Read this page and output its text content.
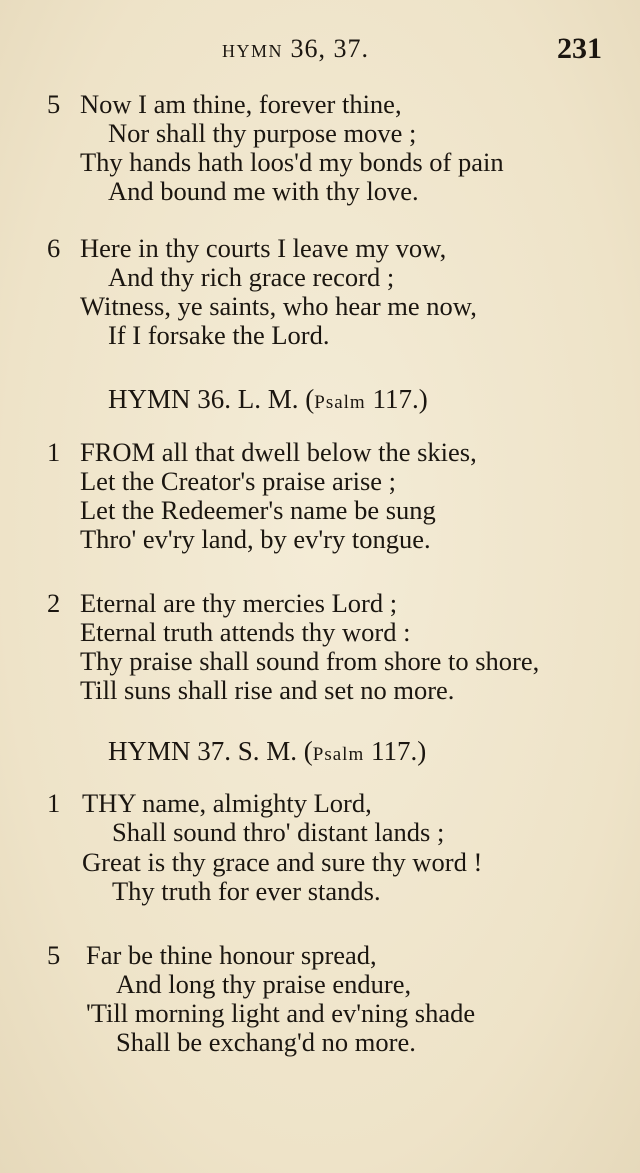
HYMN 36, 37.	231
5 Now I am thine, forever thine,
Nor shall thy purpose move ;
Thy hands hath loos'd my bonds of pain
And bound me with thy love.
6 Here in thy courts I leave my vow,
And thy rich grace record ;
Witness, ye saints, who hear me now,
If I forsake the Lord.
HYMN 36. L. M. (Psalm 117.)
1 FROM all that dwell below the skies,
Let the Creator's praise arise ;
Let the Redeemer's name be sung
Thro' ev'ry land, by ev'ry tongue.
2 Eternal are thy mercies Lord ;
Eternal truth attends thy word :
Thy praise shall sound from shore to shore,
Till suns shall rise and set no more.
HYMN 37. S. M. (Psalm 117.)
1 THY name, almighty Lord,
Shall sound thro' distant lands ;
Great is thy grace and sure thy word !
Thy truth for ever stands.
5 Far be thine honour spread,
And long thy praise endure,
'Till morning light and ev'ning shade
Shall be exchang'd no more.
